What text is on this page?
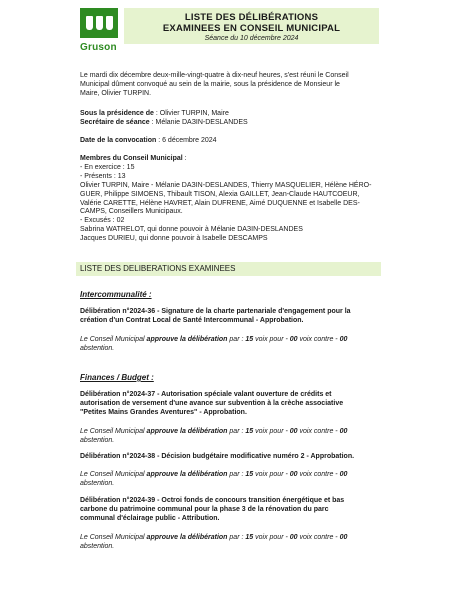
Gruson
LISTE DES DÉLIBÉRATIONS
EXAMINEES EN CONSEIL MUNICIPAL
Séance du 10 décembre 2024
Le mardi dix décembre deux-mille-vingt-quatre à dix-neuf heures, s'est réuni le Conseil
Municipal dûment convoqué au sein de la mairie, sous la présidence de Monsieur le
Maire, Olivier TURPIN.
Sous la présidence de : Olivier TURPIN, Maire
Secrétaire de séance : Mélanie DAЗIN-DESLANDES
Date de la convocation : 6 décembre 2024
Membres du Conseil Municipal :
- En exercice : 15
- Présents : 13
Olivier TURPIN, Maire - Mélanie DAЗIN-DESLANDES, Thierry MASQUELIER, Hélène HÉRO-
GUER, Philippe SIMOENS, Thibault TISON, Alexia GAILLET, Jean-Claude HAUTCOEUR,
Valérie CARETTE, Hélène HAVRET, Alain DUFRENE, Aimé DUQUENNE et Isabelle DES-
CAMPS, Conseillers Municipaux.
- Excusés : 02
Sabrina WATRELOT, qui donne pouvoir à Mélanie DAЗIN-DESLANDES
Jacques DURIEU, qui donne pouvoir à Isabelle DESCAMPS
LISTE DES DELIBERATIONS EXAMINEES
Intercommunalité :
Délibération n°2024-36 - Signature de la charte partenariale d'engagement pour la
création d'un Contrat Local de Santé Intercommunal - Approbation.
Le Conseil Municipal approuve la délibération par : 15 voix pour - 00 voix contre - 00
abstention.
Finances / Budget :
Délibération n°2024-37 - Autorisation spéciale valant ouverture de crédits et
autorisation de versement d'une avance sur subvention à la crèche associative
"Petites Mains Grandes Aventures" - Approbation.
Le Conseil Municipal approuve la délibération par : 15 voix pour - 00 voix contre - 00
abstention.
Délibération n°2024-38 - Décision budgétaire modificative numéro 2 - Approbation.
Le Conseil Municipal approuve la délibération par : 15 voix pour - 00 voix contre - 00
abstention.
Délibération n°2024-39 - Octroi fonds de concours transition énergétique et bas
carbone du patrimoine communal pour la phase 3 de la rénovation du parc
communal d'éclairage public - Attribution.
Le Conseil Municipal approuve la délibération par : 15 voix pour - 00 voix contre - 00
abstention.
